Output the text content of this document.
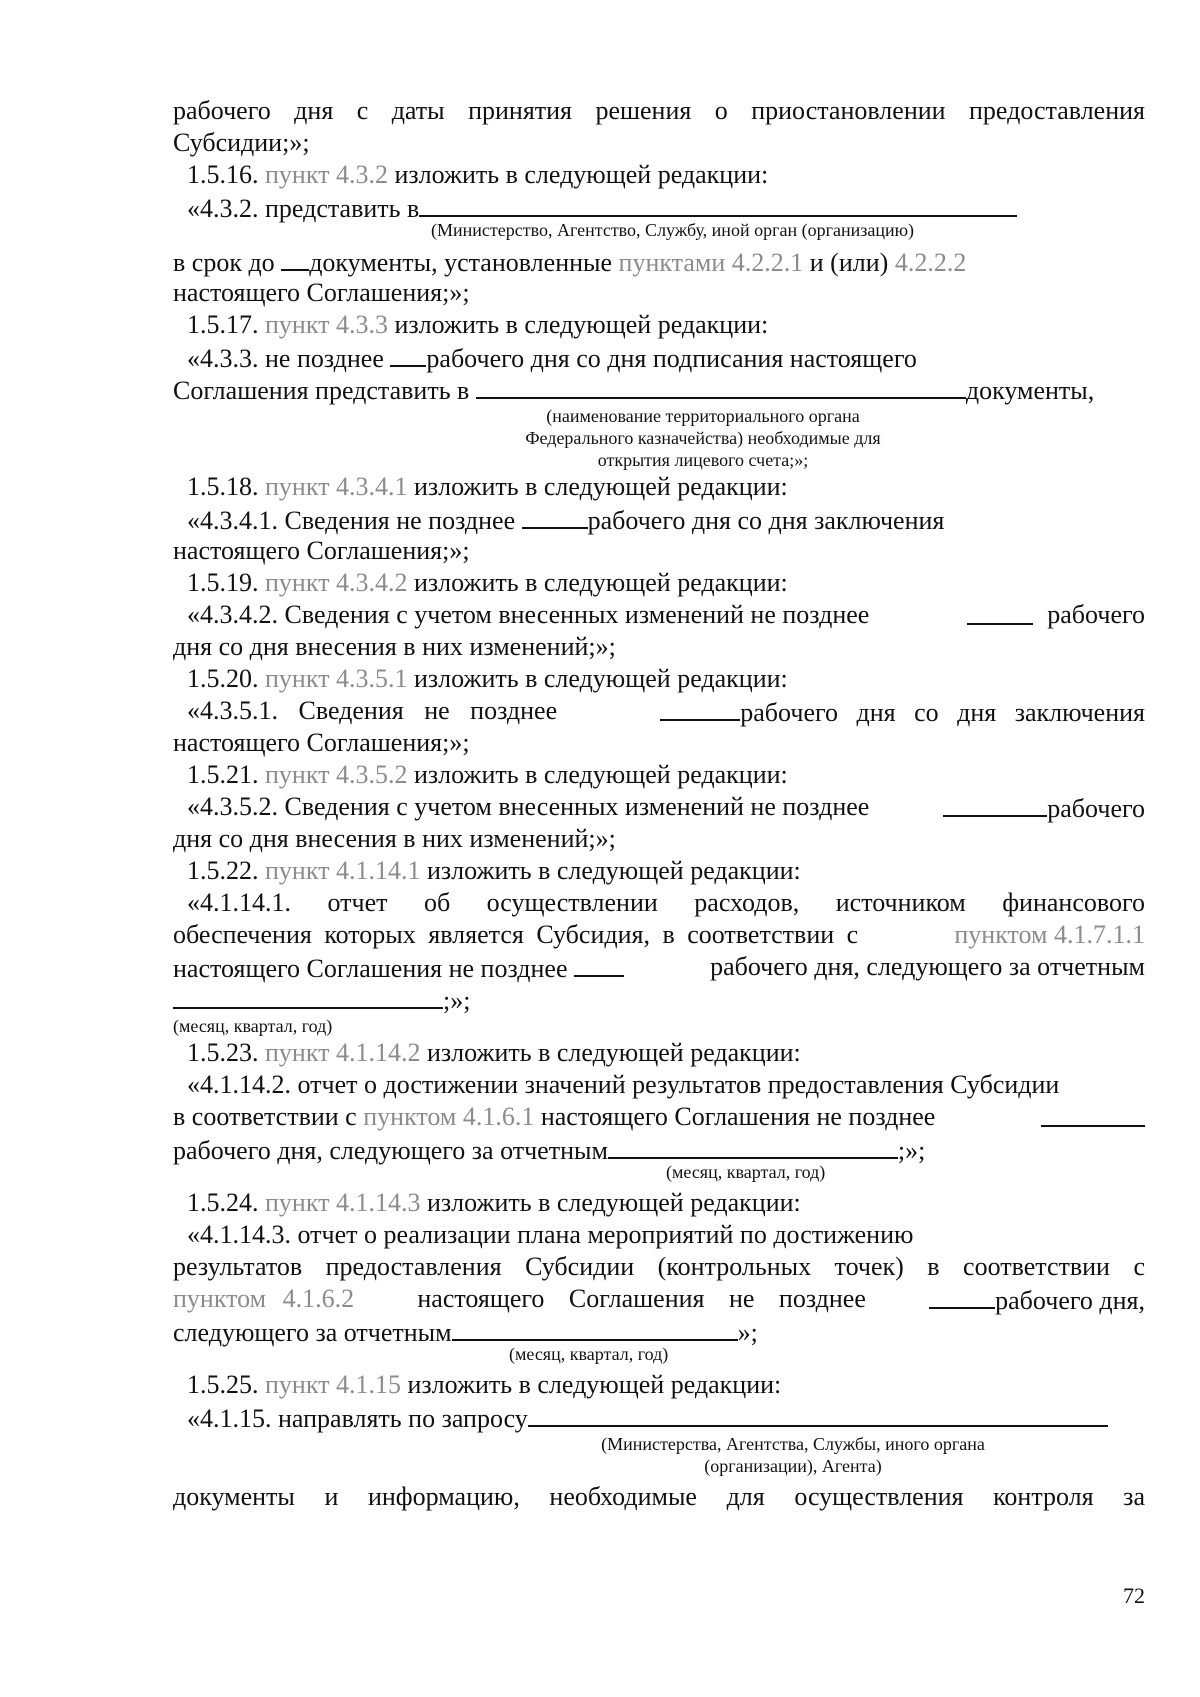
рабочего дня с даты принятия решения о приостановлении предоставления
Субсидии;»;
1.5.16. пункт 4.3.2 изложить в следующей редакции:
«4.3.2. представить в
(Министерство, Агентство, Службу, иной орган (организацию)
в срок до документы, установленные пунктами 4.2.2.1 и (или) 4.2.2.2
настоящего Соглашения;»;
1.5.17. пункт 4.3.3 изложить в следующей редакции:
«4.3.3. не позднее рабочего дня со дня подписания настоящего
Соглашения представить в	документы,
(наименование территориального органа
Федерального казначейства) необходимые для
открытия лицевого счета;»;
1.5.18. пункт 4.3.4.1 изложить в следующей редакции:
«4.3.4.1. Сведения не позднее	рабочего дня со дня заключения
настоящего Соглашения;»;
1.5.19. пункт 4.3.4.2 изложить в следующей редакции:
«4.3.4.2. Сведения с учетом внесенных изменений не позднее	рабочего
дня со дня внесения в них изменений;»;
1.5.20. пункт 4.3.5.1 изложить в следующей редакции:
«4.3.5.1. Сведения не позднее	рабочего дня со дня заключения
настоящего Соглашения;»;
1.5.21. пункт 4.3.5.2 изложить в следующей редакции:
«4.3.5.2. Сведения с учетом внесенных изменений не позднее	рабочего
дня со дня внесения в них изменений;»;
1.5.22. пункт 4.1.14.1 изложить в следующей редакции:
«4.1.14.1. отчет об осуществлении расходов, источником финансового
обеспечения которых является Субсидия, в соответствии с	пунктом 4.1.7.1.1
настоящего Соглашения не позднее	рабочего дня, следующего за отчетным
;»;
(месяц, квартал, год)
1.5.23. пункт 4.1.14.2 изложить в следующей редакции:
«4.1.14.2. отчет о достижении значений результатов предоставления Субсидии
в соответствии с пунктом 4.1.6.1 настоящего Соглашения не позднее
рабочего дня, следующего за отчетным	;»;
(месяц, квартал, год)
1.5.24. пункт 4.1.14.3 изложить в следующей редакции:
«4.1.14.3. отчет о реализации плана мероприятий по достижению
результатов предоставления Субсидии (контрольных точек) в соответствии с
пунктом 4.1.6.2 настоящего Соглашения не позднее	рабочего дня,
следующего за отчетным	»;
(месяц, квартал, год)
1.5.25. пункт 4.1.15 изложить в следующей редакции:
«4.1.15. направлять по запросу
(Министерства, Агентства, Службы, иного органа
(организации), Агента)
документы и информацию, необходимые для осуществления контроля за
72
